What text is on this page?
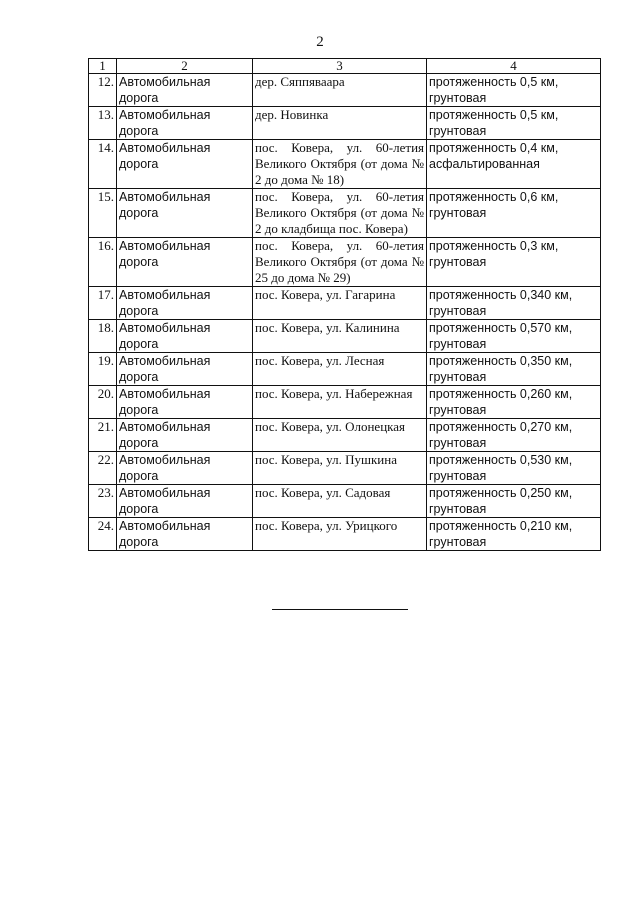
2
1	2	3	4
12.	Автомобильная дорога	дер. Сяппяваара	протяженность 0,5 км, грунтовая
13.	Автомобильная дорога	дер. Новинка	протяженность 0,5 км, грунтовая
14.	Автомобильная дорога	пос. Ковера, ул. 60-летия Великого Октября (от дома № 2 до дома № 18)	протяженность 0,4 км, асфальтированная
15.	Автомобильная дорога	пос. Ковера, ул. 60-летия Великого Октября (от дома № 2 до кладбища пос. Ковера)	протяженность 0,6 км, грунтовая
16.	Автомобильная дорога	пос. Ковера, ул. 60-летия Великого Октября (от дома № 25 до дома № 29)	протяженность 0,3 км, грунтовая
17.	Автомобильная дорога	пос. Ковера, ул. Гагарина	протяженность 0,340 км, грунтовая
18.	Автомобильная дорога	пос. Ковера, ул. Калинина	протяженность 0,570 км, грунтовая
19.	Автомобильная дорога	пос. Ковера, ул. Лесная	протяженность 0,350 км, грунтовая
20.	Автомобильная дорога	пос. Ковера, ул. Набережная	протяженность 0,260 км, грунтовая
21.	Автомобильная дорога	пос. Ковера, ул. Олонецкая	протяженность 0,270 км, грунтовая
22.	Автомобильная дорога	пос. Ковера, ул. Пушкина	протяженность 0,530 км, грунтовая
23.	Автомобильная дорога	пос. Ковера, ул. Садовая	протяженность 0,250 км, грунтовая
24.	Автомобильная дорога	пос. Ковера, ул. Урицкого	протяженность 0,210 км, грунтовая
